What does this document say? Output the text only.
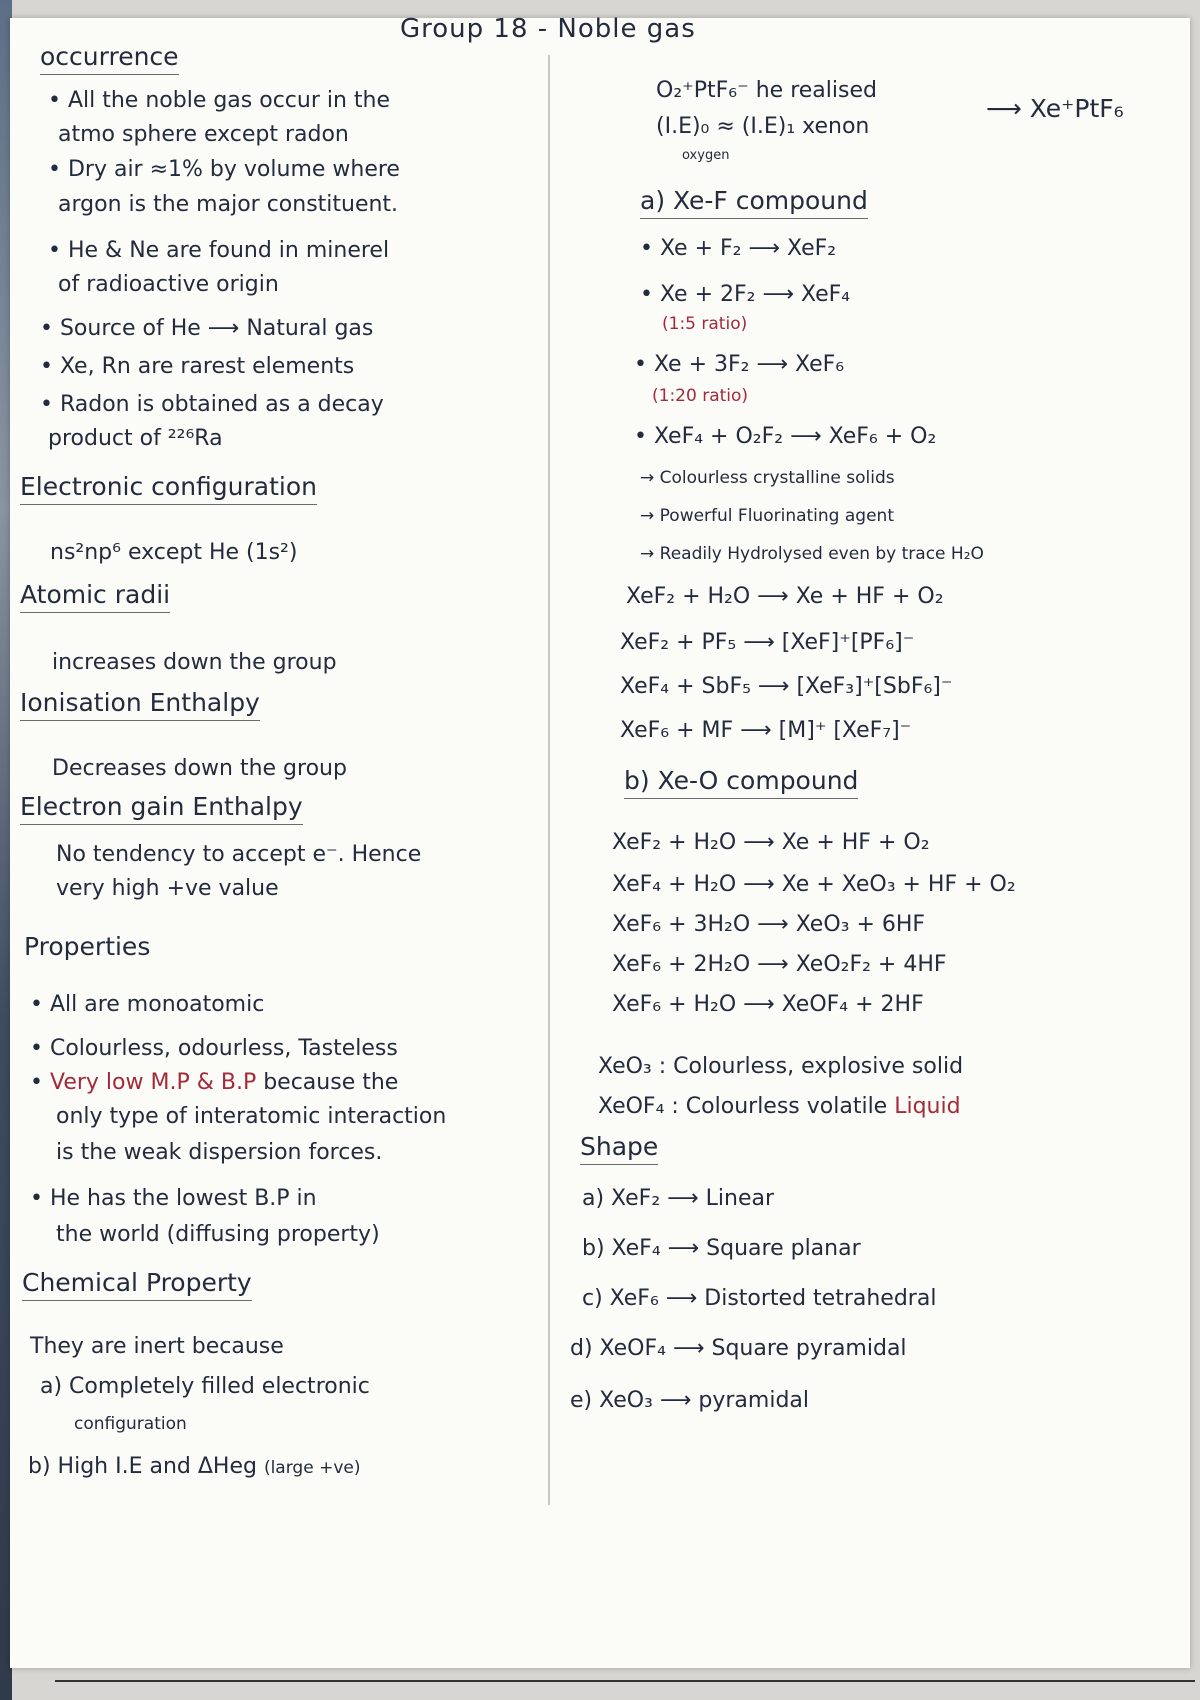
Group 18 - Noble gas
occurrence
• All the noble gas occur in the
atmo sphere except radon
• Dry air ≈1% by volume where
argon is the major constituent.
• He & Ne are found in minerel
of radioactive origin
• Source of He ⟶ Natural gas
• Xe, Rn are rarest elements
• Radon is obtained as a decay
product of ²²⁶Ra
Electronic configuration
ns²np⁶ except He (1s²)
Atomic radii
increases down the group
Ionisation Enthalpy
Decreases down the group
Electron gain Enthalpy
No tendency to accept e⁻. Hence
very high +ve value
Properties
• All are monoatomic
• Colourless, odourless, Tasteless
• Very low M.P & B.P because the
only type of interatomic interaction
is the weak dispersion forces.
• He has the lowest B.P in
the world (diffusing property)
Chemical Property
They are inert because
a) Completely filled electronic
configuration
b) High I.E and ΔHeg (large +ve)
O₂⁺PtF₆⁻ he realised
(I.E)₀ ≈ (I.E)₁ xenon
oxygen
⟶ Xe⁺PtF₆
a) Xe-F compound
• Xe + F₂ ⟶ XeF₂
• Xe + 2F₂ ⟶ XeF₄
(1:5 ratio)
• Xe + 3F₂ ⟶ XeF₆
(1:20 ratio)
• XeF₄ + O₂F₂ ⟶ XeF₆ + O₂
→ Colourless crystalline solids
→ Powerful Fluorinating agent
→ Readily Hydrolysed even by trace H₂O
XeF₂ + H₂O ⟶ Xe + HF + O₂
XeF₂ + PF₅ ⟶ [XeF]⁺[PF₆]⁻
XeF₄ + SbF₅ ⟶ [XeF₃]⁺[SbF₆]⁻
XeF₆ + MF ⟶ [M]⁺ [XeF₇]⁻
b) Xe-O compound
XeF₂ + H₂O ⟶ Xe + HF + O₂
XeF₄ + H₂O ⟶ Xe + XeO₃ + HF + O₂
XeF₆ + 3H₂O ⟶ XeO₃ + 6HF
XeF₆ + 2H₂O ⟶ XeO₂F₂ + 4HF
XeF₆ + H₂O ⟶ XeOF₄ + 2HF
XeO₃ : Colourless, explosive solid
XeOF₄ : Colourless volatile Liquid
Shape
a) XeF₂ ⟶ Linear
b) XeF₄ ⟶ Square planar
c) XeF₆ ⟶ Distorted tetrahedral
d) XeOF₄ ⟶ Square pyramidal
e) XeO₃ ⟶ pyramidal
